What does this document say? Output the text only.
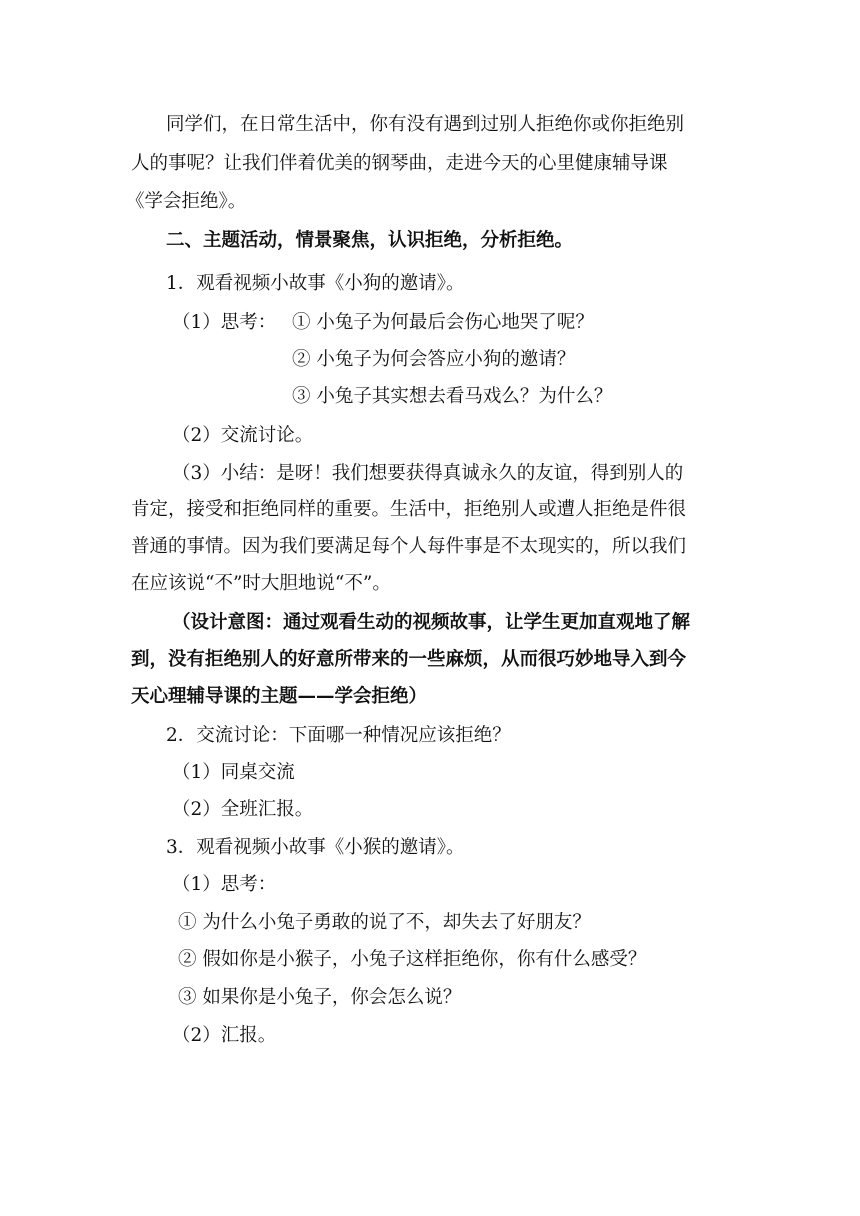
同学们，在日常生活中，你有没有遇到过别人拒绝你或你拒绝别
人的事呢？让我们伴着优美的钢琴曲，走进今天的心里健康辅导课
《学会拒绝》。
二、主题活动，情景聚焦，认识拒绝，分析拒绝。
1．观看视频小故事《小狗的邀请》。
（1）思考： ① 小兔子为何最后会伤心地哭了呢？
② 小兔子为何会答应小狗的邀请？
③ 小兔子其实想去看马戏么？为什么？
（2）交流讨论。
（3）小结：是呀！我们想要获得真诚永久的友谊，得到别人的
肯定，接受和拒绝同样的重要。生活中，拒绝别人或遭人拒绝是件很
普通的事情。因为我们要满足每个人每件事是不太现实的，所以我们
在应该说“不”时大胆地说“不”。
（设计意图：通过观看生动的视频故事，让学生更加直观地了解
到，没有拒绝别人的好意所带来的一些麻烦，从而很巧妙地导入到今
天心理辅导课的主题——学会拒绝）
2．交流讨论：下面哪一种情况应该拒绝？
（1）同桌交流
（2）全班汇报。
3．观看视频小故事《小猴的邀请》。
（1）思考：
① 为什么小兔子勇敢的说了不，却失去了好朋友？
② 假如你是小猴子，小兔子这样拒绝你，你有什么感受？
③ 如果你是小兔子，你会怎么说？
（2）汇报。
